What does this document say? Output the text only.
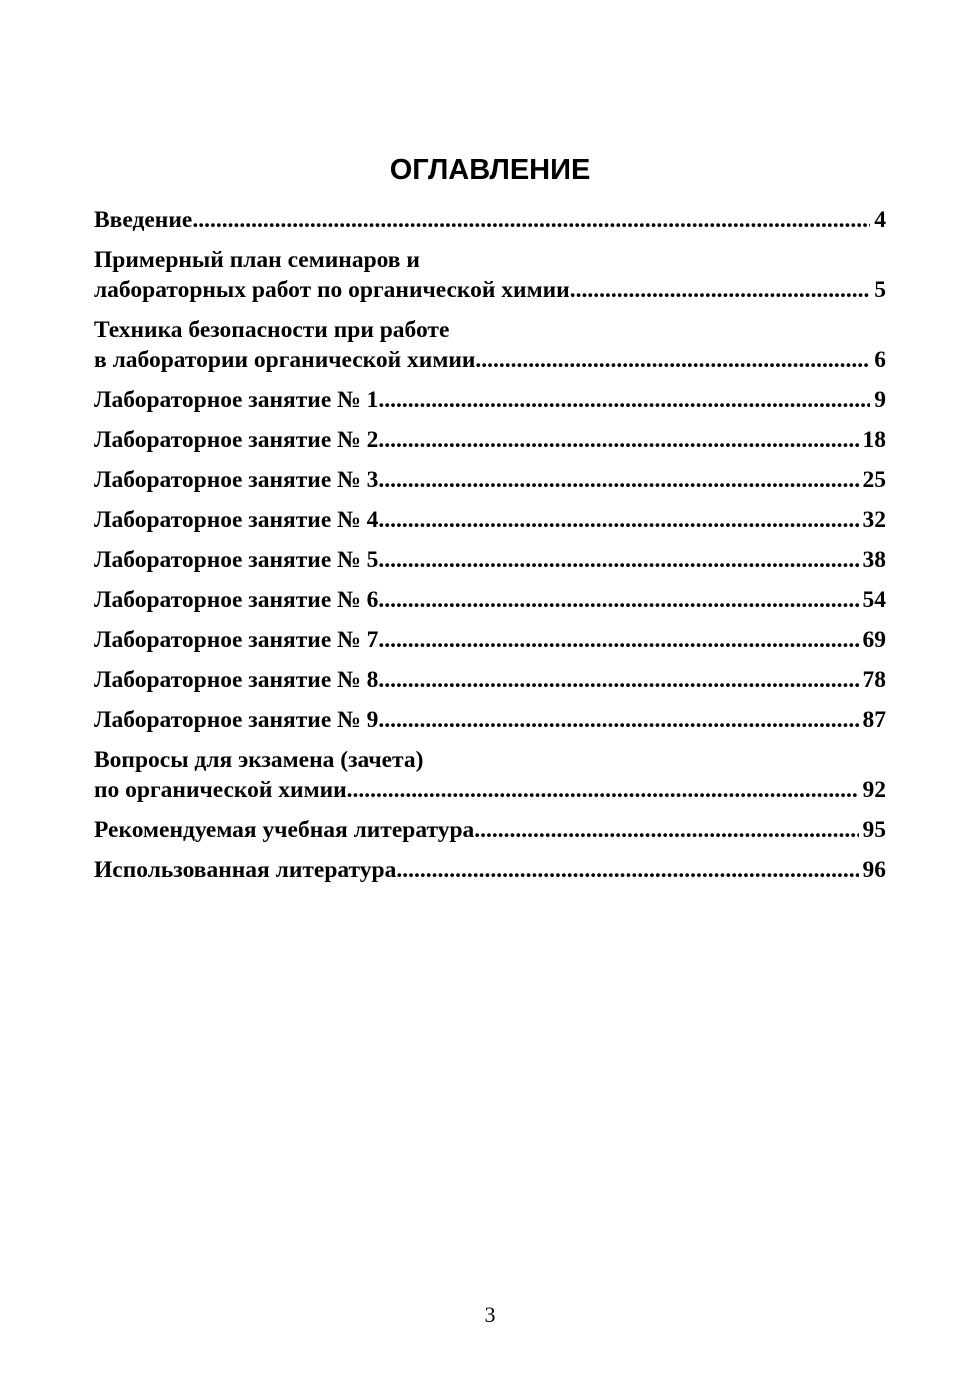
ОГЛАВЛЕНИЕ
Введение .....	4
Примерный план семинаров и
лабораторных работ по органической химии .....	5
Техника безопасности при работе
в лаборатории органической химии .....	6
Лабораторное занятие № 1 .....	9
Лабораторное занятие № 2 .....	18
Лабораторное занятие № 3 .....	25
Лабораторное занятие № 4 .....	32
Лабораторное занятие № 5 .....	38
Лабораторное занятие № 6 .....	54
Лабораторное занятие № 7 .....	69
Лабораторное занятие № 8 .....	78
Лабораторное занятие № 9 .....	87
Вопросы для экзамена (зачета)
по органической химии .....	92
Рекомендуемая учебная литература .....	95
Использованная литература .....	96
3
